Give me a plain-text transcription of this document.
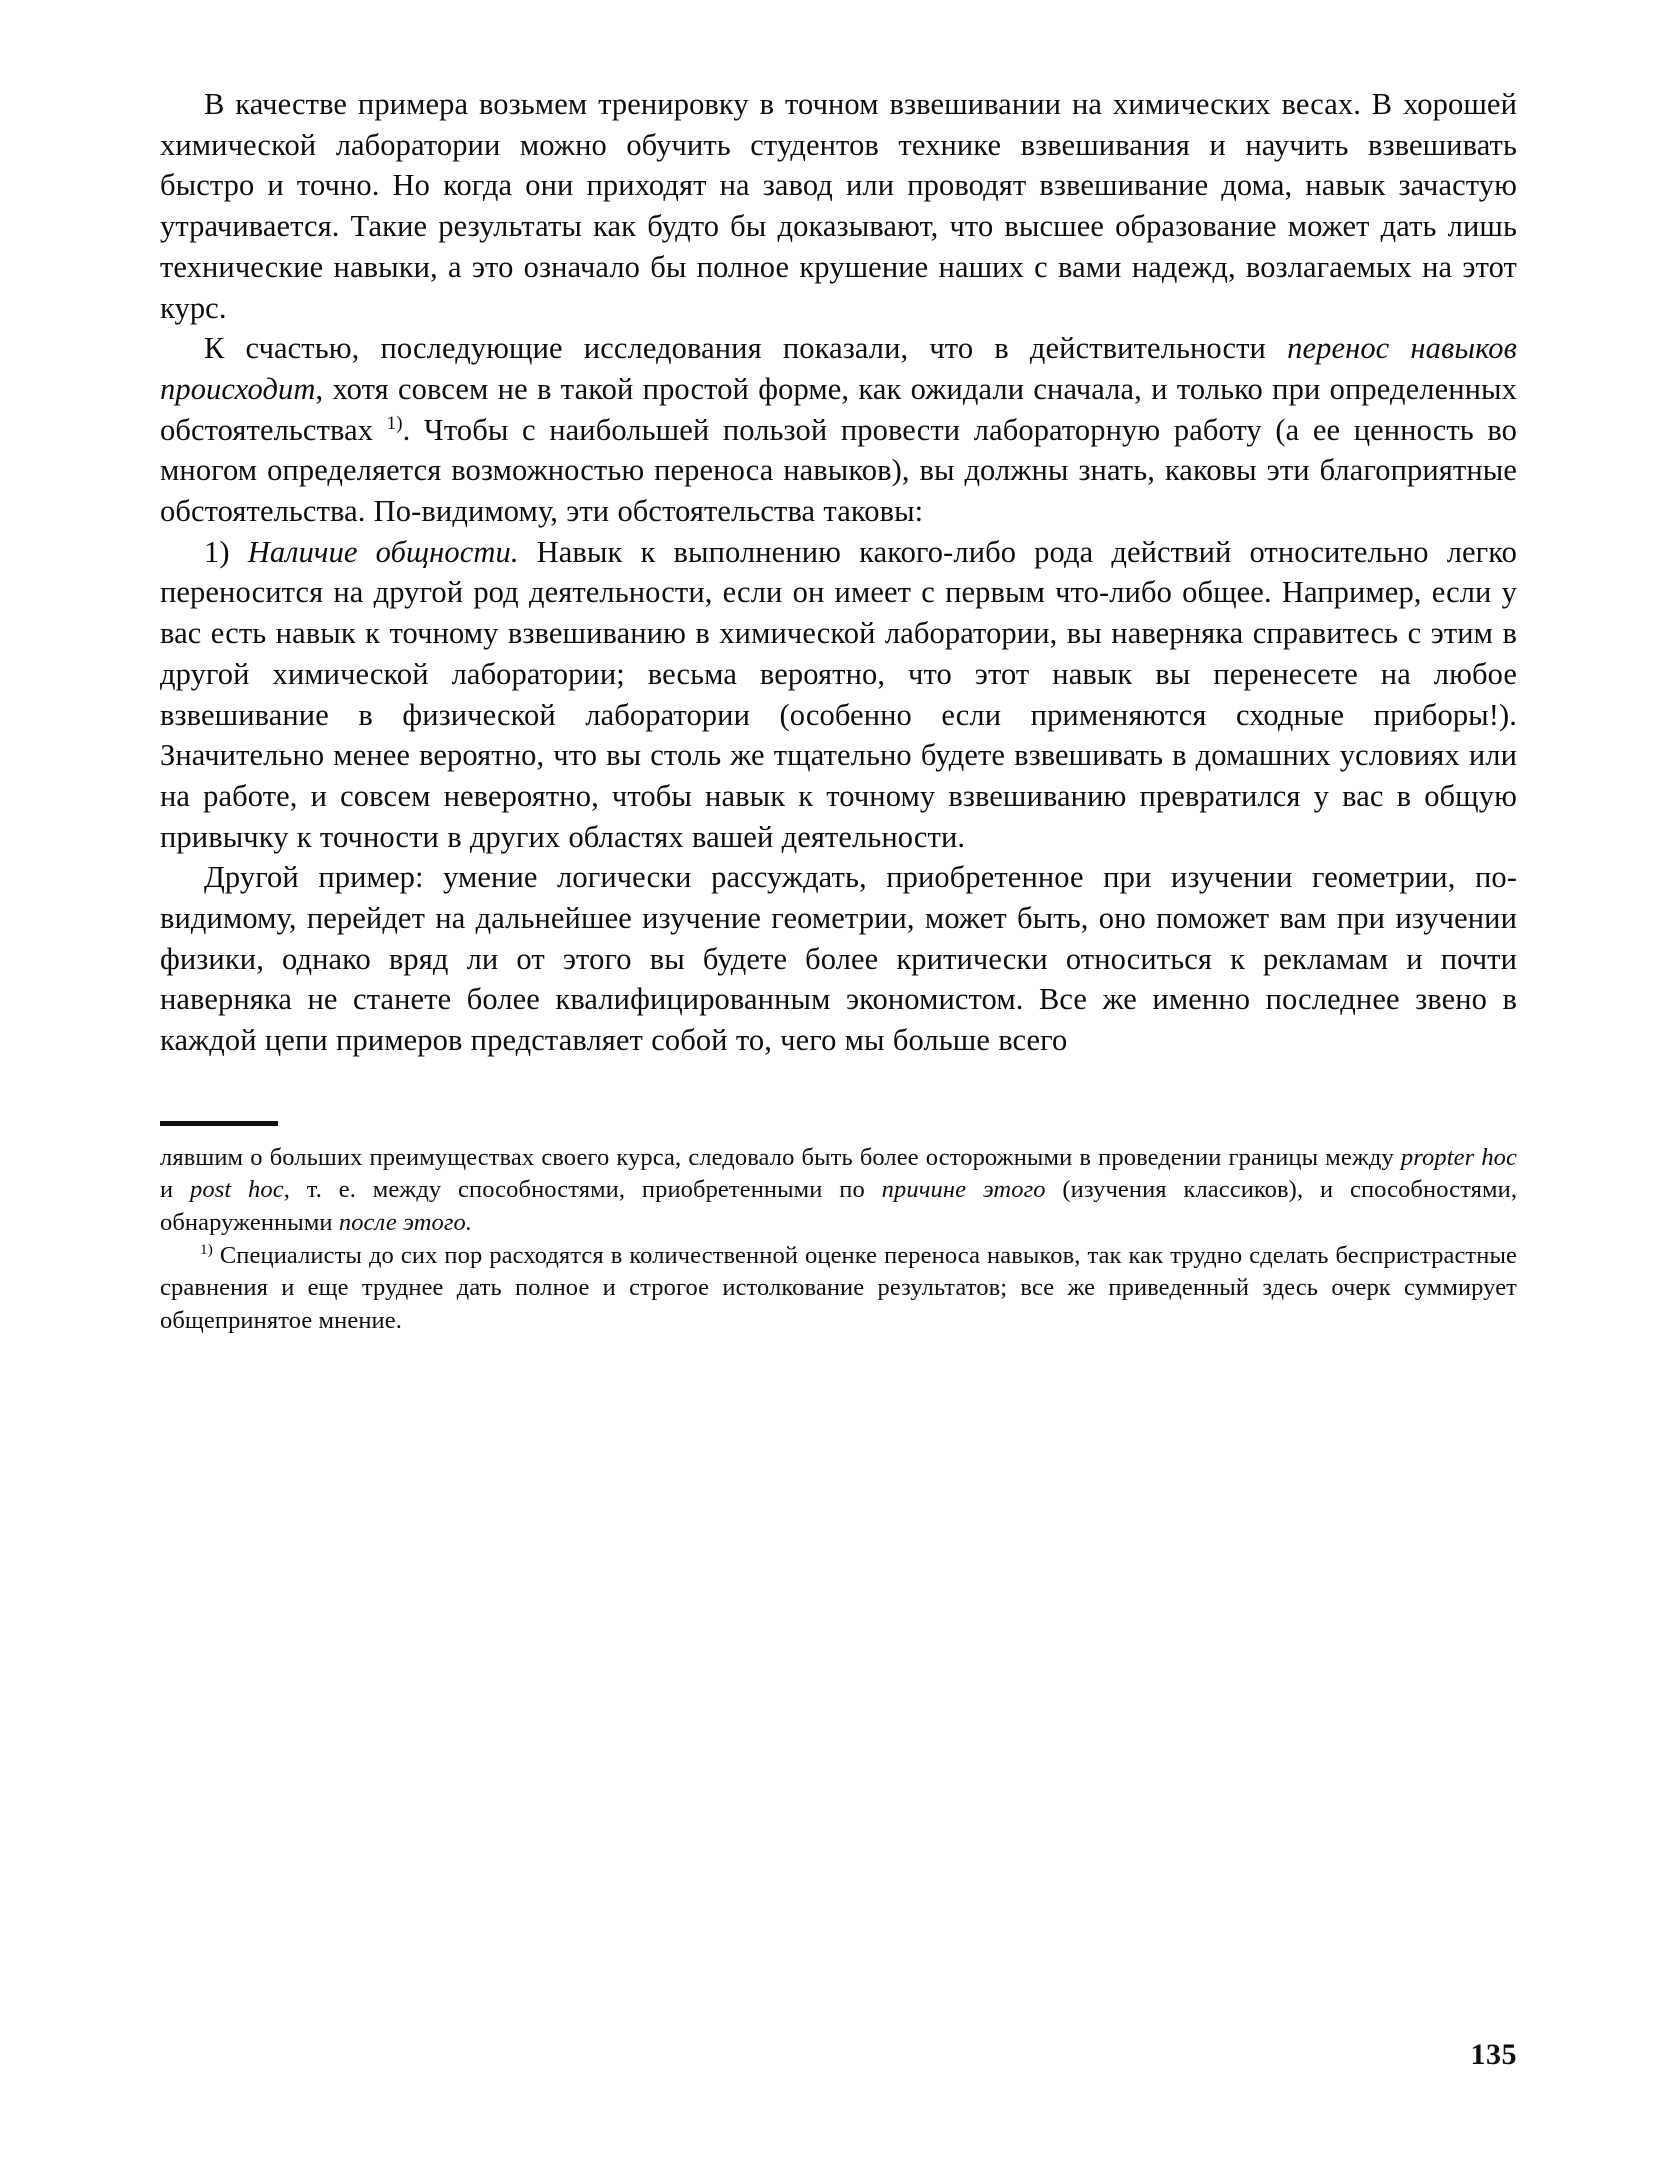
В качестве примера возьмем тренировку в точном взвешивании на химических весах. В хорошей химической лаборатории можно обучить студентов технике взвешивания и научить взвешивать быстро и точно. Но когда они приходят на завод или проводят взвешивание дома, навык зачастую утрачивается. Такие результаты как будто бы доказывают, что высшее образование может дать лишь технические навыки, а это означало бы полное крушение наших с вами надежд, возлагаемых на этот курс.

К счастью, последующие исследования показали, что в действительности перенос навыков происходит, хотя совсем не в такой простой форме, как ожидали сначала, и только при определенных обстоятельствах $^{1)}$. Чтобы с наибольшей пользой провести лабораторную работу (а ее ценность во многом определяется возможностью переноса навыков), вы должны знать, каковы эти благоприятные обстоятельства. По-видимому, эти обстоятельства таковы:

1) Наличие общности. Навык к выполнению какого-либо рода действий относительно легко переносится на другой род деятельности, если он имеет с первым что-либо общее. Например, если у вас есть навык к точному взвешиванию в химической лаборатории, вы наверняка справитесь с этим в другой химической лаборатории; весьма вероятно, что этот навык вы перенесете на любое взвешивание в физической лаборатории (особенно если применяются сходные приборы!). Значительно менее вероятно, что вы столь же тщательно будете взвешивать в домашних условиях или на работе, и совсем невероятно, чтобы навык к точному взвешиванию превратился у вас в общую привычку к точности в других областях вашей деятельности.

Другой пример: умение логически рассуждать, приобретенное при изучении геометрии, по-видимому, перейдет на дальнейшее изучение геометрии, может быть, оно поможет вам при изучении физики, однако вряд ли от этого вы будете более критически относиться к рекламам и почти наверняка не станете более квалифицированным экономистом. Все же именно последнее звено в каждой цепи примеров представляет собой то, чего мы больше всего

лявшим о больших преимуществах своего курса, следовало быть более осторожными в проведении границы между propter hoc и post hoc, т. е. между способностями, приобретенными по причине этого (изучения классиков), и способностями, обнаруженными после этого.

$^{1)}$ Специалисты до сих пор расходятся в количественной оценке переноса навыков, так как трудно сделать беспристрастные сравнения и еще труднее дать полное и строгое истолкование результатов; все же приведенный здесь очерк суммирует общепринятое мнение.

135
